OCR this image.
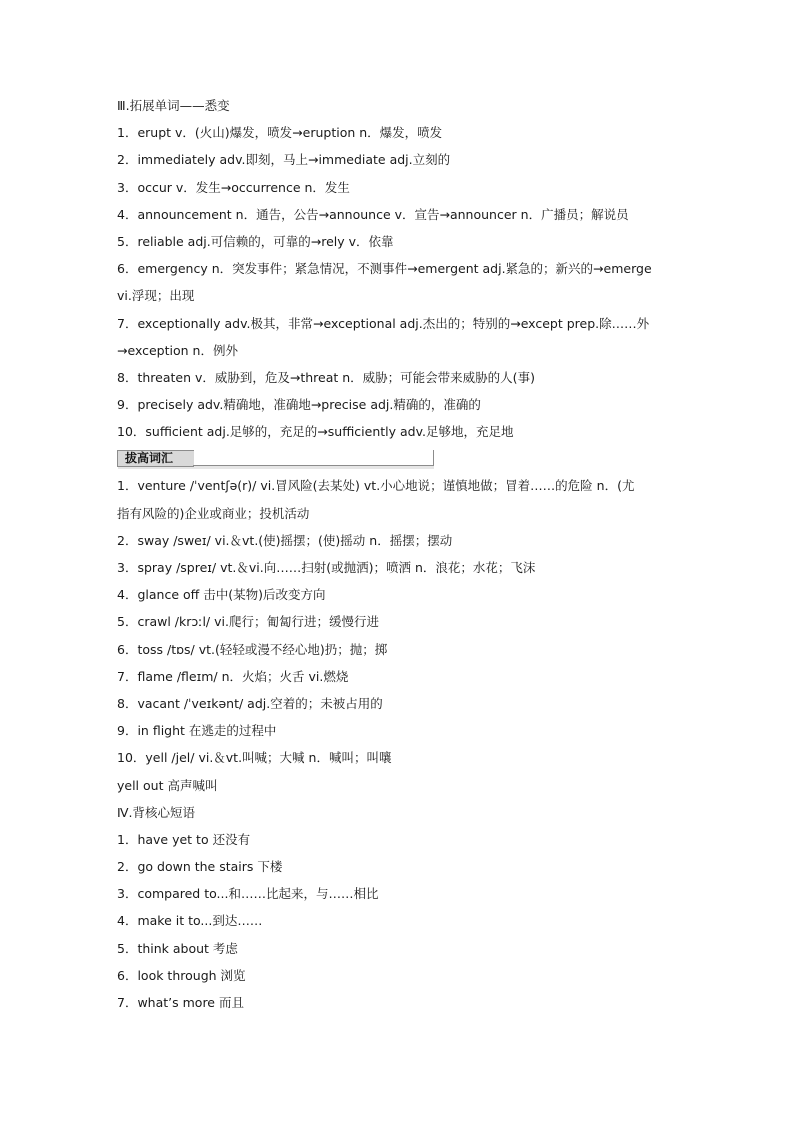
Ⅲ.拓展单词——悉变
1．erupt v．(火山)爆发，喷发→eruption n．爆发，喷发
2．immediately adv.即刻，马上→immediate adj.立刻的
3．occur v．发生→occurrence n．发生
4．announcement n．通告，公告→announce v．宣告→announcer n．广播员；解说员
5．reliable adj.可信赖的，可靠的→rely v．依靠
6．emergency n．突发事件；紧急情况，不测事件→emergent adj.紧急的；新兴的→emerge
vi.浮现；出现
7．exceptionally adv.极其，非常→exceptional adj.杰出的；特别的→except prep.除……外
→exception n．例外
8．threaten v．威胁到，危及→threat n．威胁；可能会带来威胁的人(事)
9．precisely adv.精确地，准确地→precise adj.精确的，准确的
10．sufficient adj.足够的，充足的→sufficiently adv.足够地，充足地
拔高词汇
1．venture /ˈventʃə(r)/ vi.冒风险(去某处) vt.小心地说；谨慎地做；冒着……的危险 n．(尤
指有风险的)企业或商业；投机活动
2．sway /sweɪ/ vi.＆vt.(使)摇摆；(使)摇动 n．摇摆；摆动
3．spray /spreɪ/ vt.＆vi.向……扫射(或抛洒)；喷洒 n．浪花；水花；飞沫
4．glance off 击中(某物)后改变方向
5．crawl /krɔːl/ vi.爬行；匍匐行进；缓慢行进
6．toss /tɒs/ vt.(轻轻或漫不经心地)扔；抛；掷
7．flame /fleɪm/ n．火焰；火舌 vi.燃烧
8．vacant /ˈveɪkənt/ adj.空着的；未被占用的
9．in flight 在逃走的过程中
10．yell /jel/ vi.＆vt.叫喊；大喊 n．喊叫；叫嚷
yell out 高声喊叫
Ⅳ.背核心短语
1．have yet to 还没有
2．go down the stairs 下楼
3．compared to...和……比起来，与……相比
4．make it to...到达……
5．think about 考虑
6．look through 浏览
7．what’s more 而且
